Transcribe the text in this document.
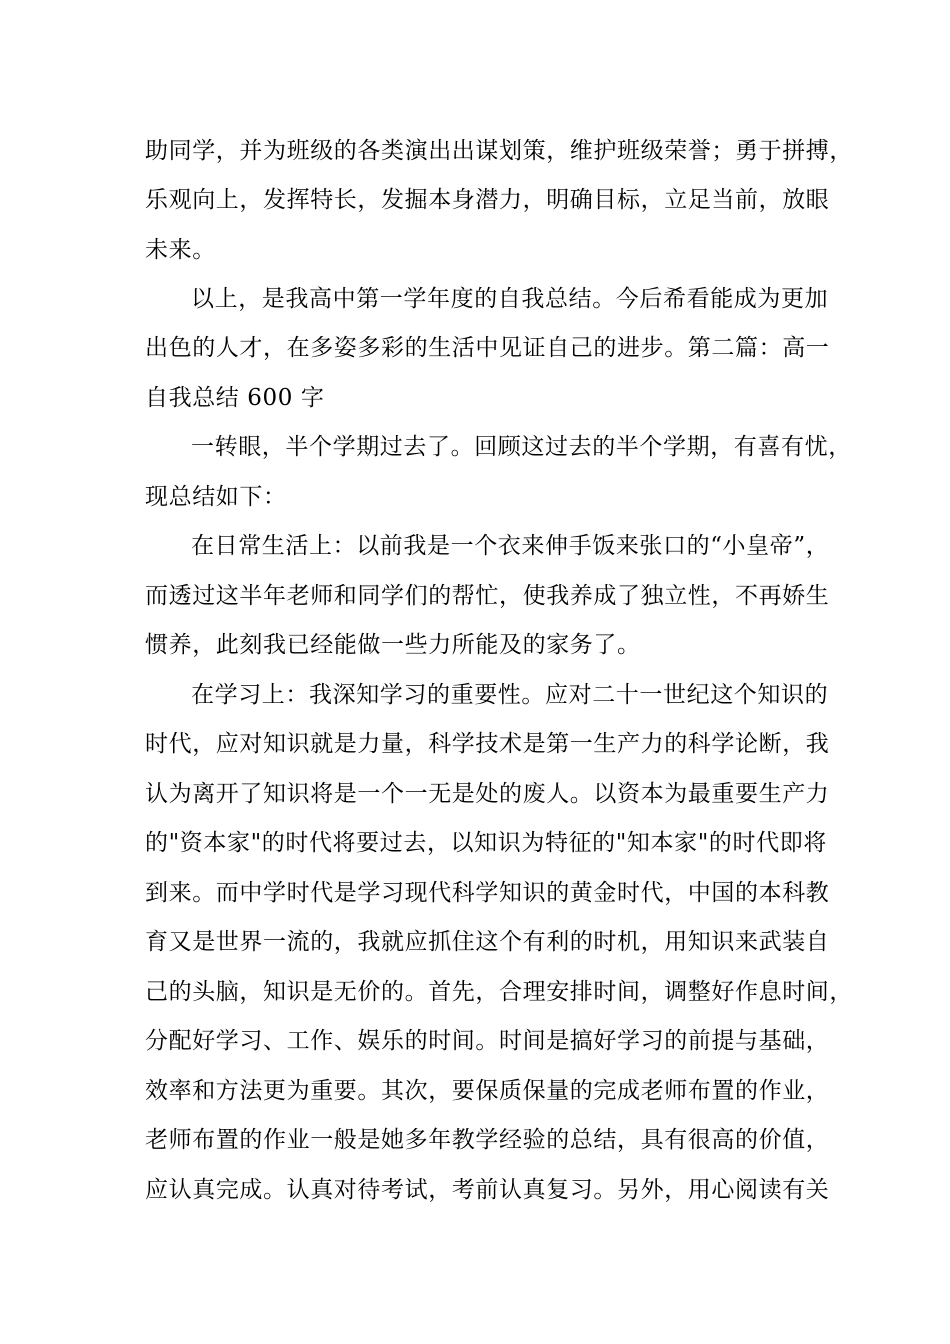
助同学，并为班级的各类演出出谋划策，维护班级荣誉；勇于拼搏，
乐观向上，发挥特长，发掘本身潜力，明确目标，立足当前，放眼
未来。
以上，是我高中第一学年度的自我总结。今后希看能成为更加
出色的人才，在多姿多彩的生活中见证自己的进步。第二篇：高一
自我总结 600 字
一转眼，半个学期过去了。回顾这过去的半个学期，有喜有忧，
现总结如下：
在日常生活上：以前我是一个衣来伸手饭来张口的“小皇帝”，
而透过这半年老师和同学们的帮忙，使我养成了独立性，不再娇生
惯养，此刻我已经能做一些力所能及的家务了。
在学习上：我深知学习的重要性。应对二十一世纪这个知识的
时代，应对知识就是力量，科学技术是第一生产力的科学论断，我
认为离开了知识将是一个一无是处的废人。以资本为最重要生产力
的"资本家"的时代将要过去，以知识为特征的"知本家"的时代即将
到来。而中学时代是学习现代科学知识的黄金时代，中国的本科教
育又是世界一流的，我就应抓住这个有利的时机，用知识来武装自
己的头脑，知识是无价的。首先，合理安排时间，调整好作息时间，
分配好学习、工作、娱乐的时间。时间是搞好学习的前提与基础，
效率和方法更为重要。其次，要保质保量的完成老师布置的作业，
老师布置的作业一般是她多年教学经验的总结，具有很高的价值，
应认真完成。认真对待考试，考前认真复习。另外，用心阅读有关
